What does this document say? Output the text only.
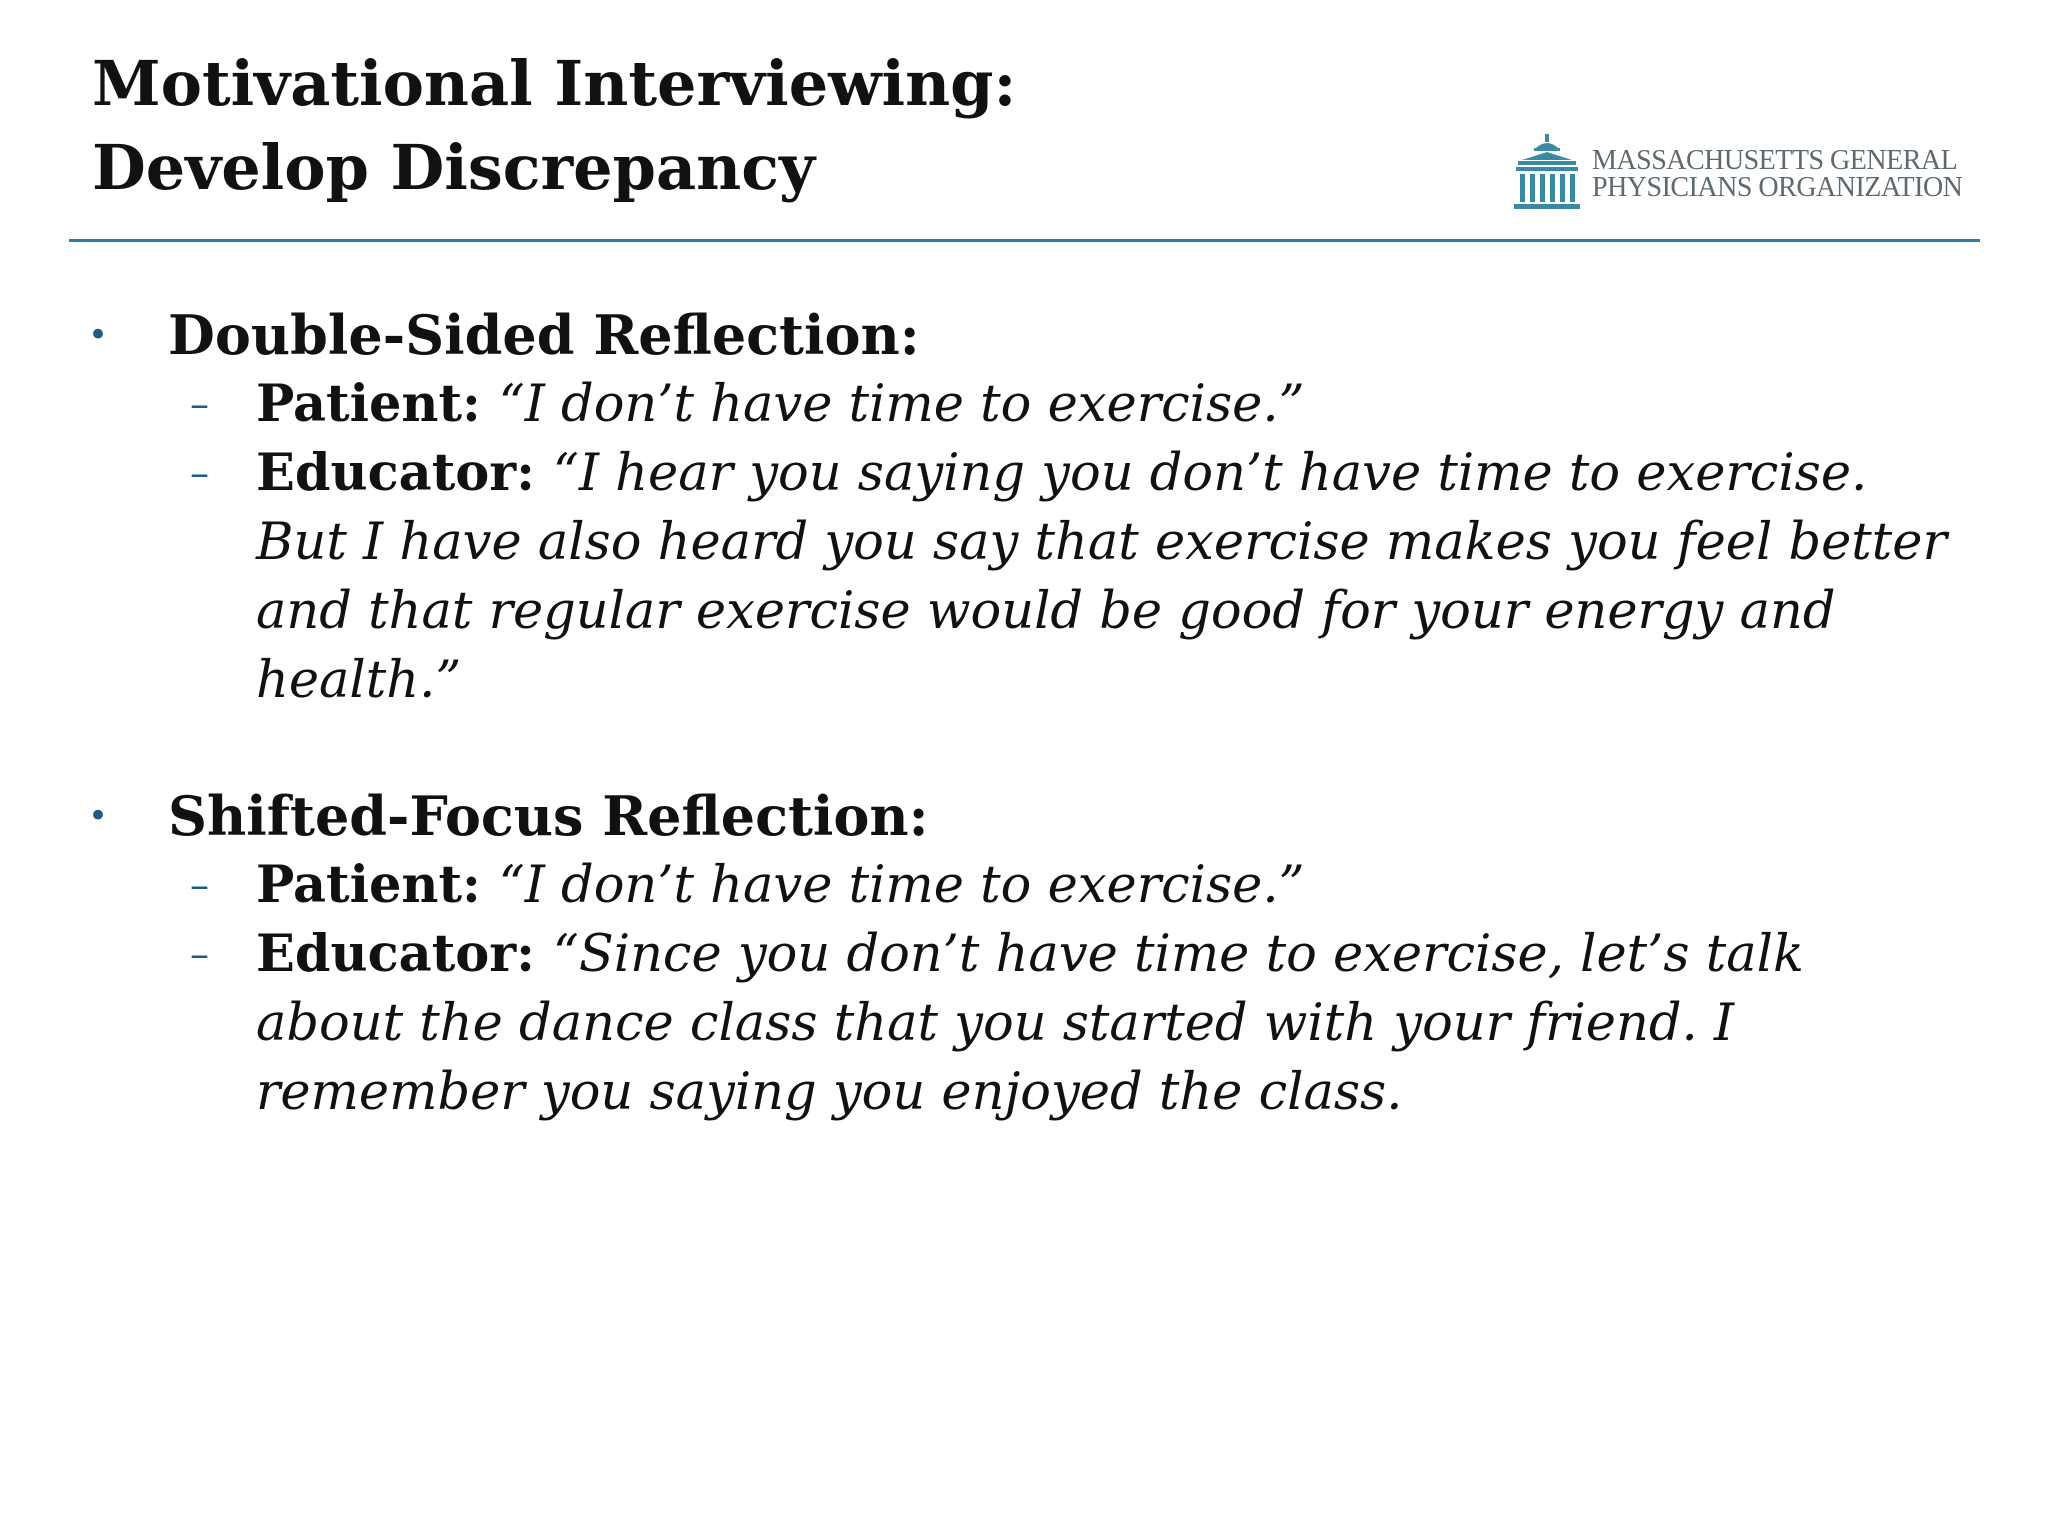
Motivational Interviewing:
Develop Discrepancy	MASSACHUSETTS GENERAL
PHYSICIANS ORGANIZATION
• Double-Sided Reflection:
– Patient: “I don’t have time to exercise.”
– Educator: “I hear you saying you don’t have time to exercise. But I have also heard you say that exercise makes you feel better and that regular exercise would be good for your energy and health.”
• Shifted-Focus Reflection:
– Patient: “I don’t have time to exercise.”
– Educator: “Since you don’t have time to exercise, let’s talk about the dance class that you started with your friend. I remember you saying you enjoyed the class.
